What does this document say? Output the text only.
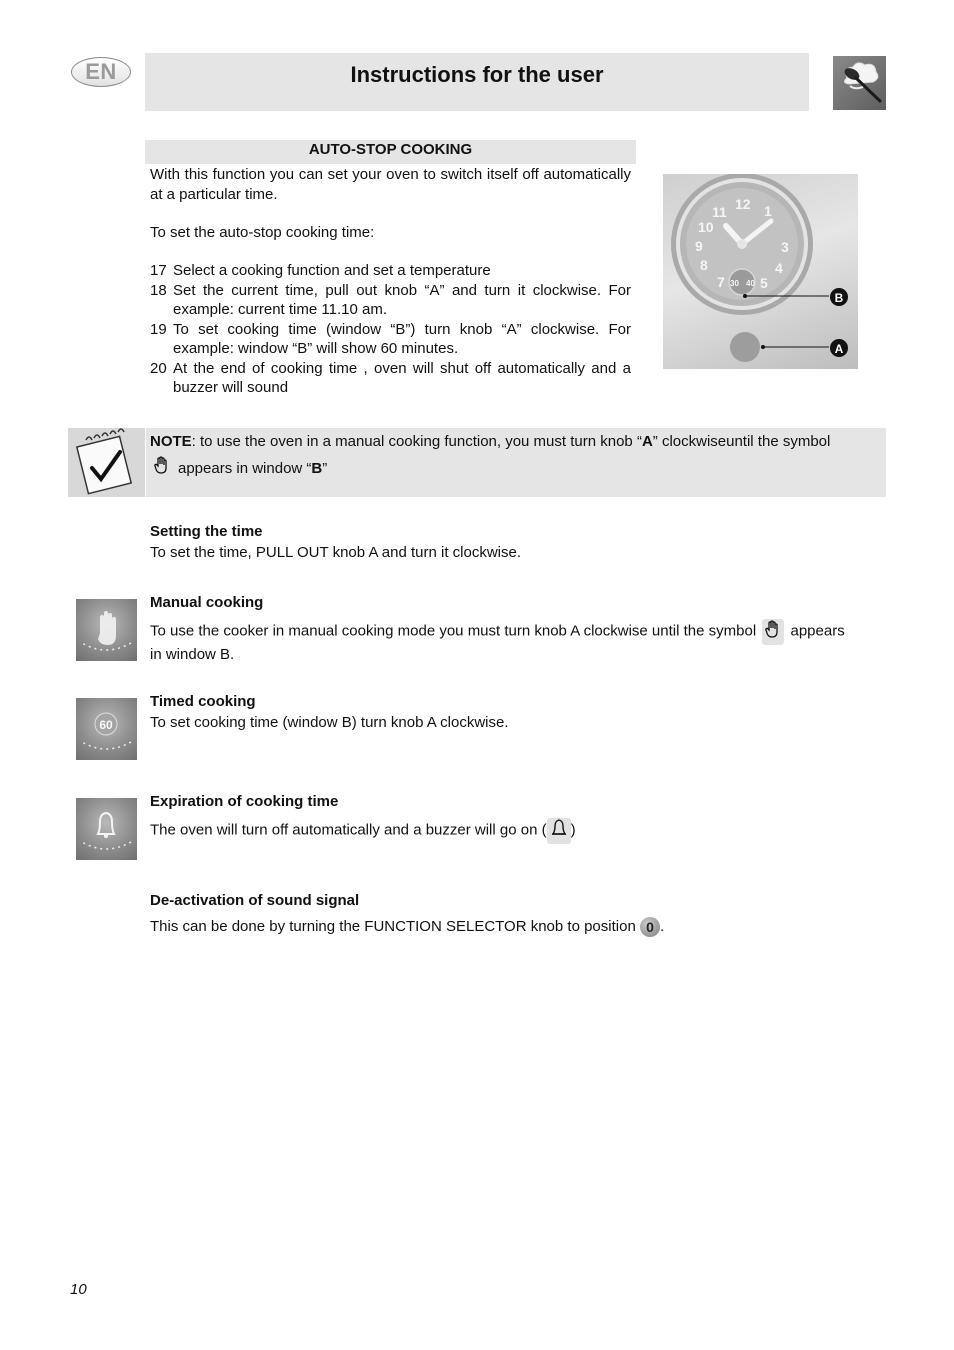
EN	Instructions for the user
AUTO-STOP COOKING
With this function you can set your oven to switch itself off automatically at a particular time.
To set the auto-stop cooking time:
17 Select a cooking function and set a temperature
18 Set the current time, pull out knob “A” and turn it clockwise. For example: current time 11.10 am.
19 To set cooking time (window “B”) turn knob “A” clockwise. For example: window “B” will show 60 minutes.
20 At the end of cooking time , oven will shut off automatically and a buzzer will sound
12 1
3
4
5
7
8
9
10
11
30 40
B
A
NOTE: to use the oven in a manual cooking function, you must turn knob “A” clockwiseuntil the symbol
appears in window “B”
Setting the time
To set the time, PULL OUT knob A and turn it clockwise.
Manual cooking
To use the cooker in manual cooking mode you must turn knob A clockwise until the symbol appears
in window B.
60
Timed cooking
To set cooking time (window B) turn knob A clockwise.
Expiration of cooking time
The oven will turn off automatically and a buzzer will go on ( )
De-activation of sound signal
This can be done by turning the FUNCTION SELECTOR knob to position 0 .
10
